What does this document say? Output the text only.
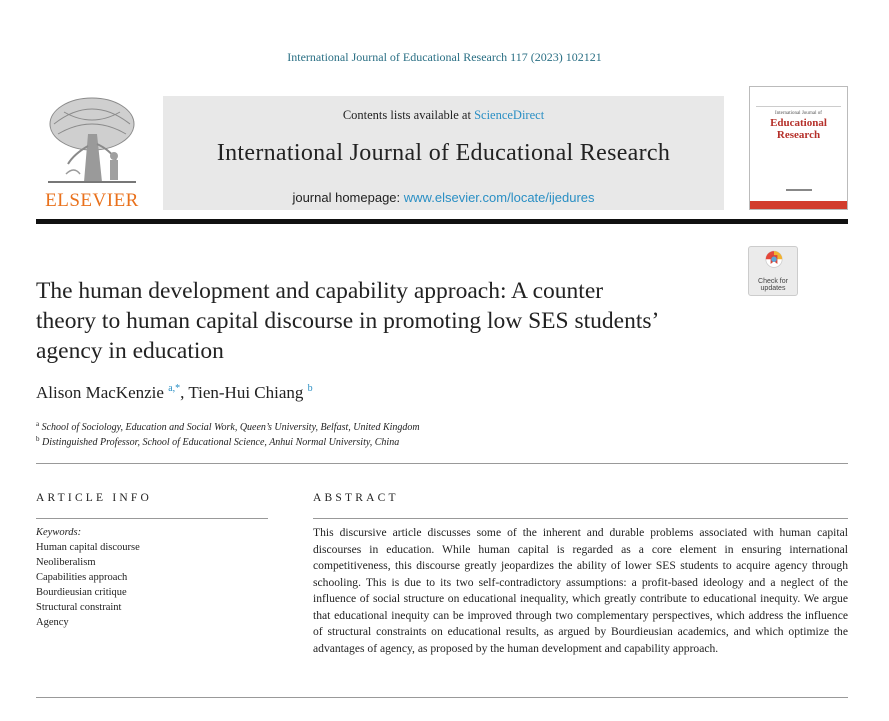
International Journal of Educational Research 117 (2023) 102121
ELSEVIER
Contents lists available at ScienceDirect
International Journal of Educational Research
journal homepage: www.elsevier.com/locate/ijedures
International Journal of
Educational
Research
Check for
updates
The human development and capability approach: A counter
theory to human capital discourse in promoting low SES students’
agency in education
Alison MacKenzie $^{a,*}$, Tien-Hui Chiang $^b$
$^a$ School of Sociology, Education and Social Work, Queen’s University, Belfast, United Kingdom
$^b$ Distinguished Professor, School of Educational Science, Anhui Normal University, China
ARTICLE INFO	ABSTRACT
Keywords:
Human capital discourse
Neoliberalism
Capabilities approach
Bourdieusian critique
Structural constraint
Agency
This discursive article discusses some of the inherent and durable problems associated with human capital discourses in education. While human capital is regarded as a core element in ensuring international competitiveness, this discourse greatly jeopardizes the ability of lower SES students to acquire agency through schooling. This is due to its two self-contradictory assumptions: a profit-based ideology and a neglect of the influence of social structure on educational inequality, which greatly contribute to educational inequity. We argue that educational inequity can be improved through two complementary perspectives, which address the influence of structural constraints on educational results, as argued by Bourdieusian academics, and which optimize the advantages of agency, as proposed by the human development and capability approach.
